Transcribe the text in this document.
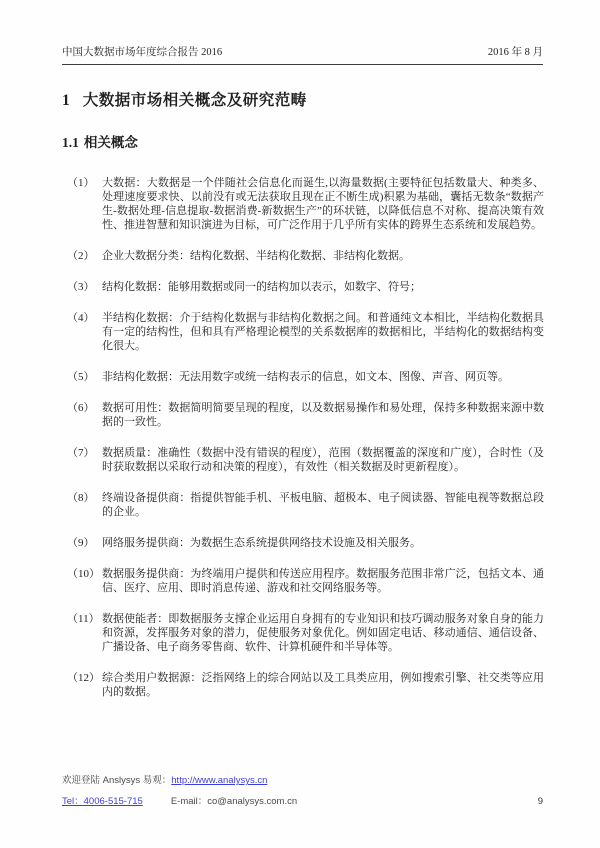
中国大数据市场年度综合报告 2016	2016 年 8 月
1 大数据市场相关概念及研究范畴
1.1 相关概念
（1） 大数据：大数据是一个伴随社会信息化而诞生,以海量数据(主要特征包括数量大、种类多、处理速度要求快、以前没有或无法获取且现在正不断生成)积累为基础，囊括无数条“数据产生-数据处理-信息提取-数据消费-新数据生产”的环状链，以降低信息不对称、提高决策有效性、推进智慧和知识演进为目标，可广泛作用于几乎所有实体的跨界生态系统和发展趋势。
（2） 企业大数据分类：结构化数据、半结构化数据、非结构化数据。
（3） 结构化数据：能够用数据或同一的结构加以表示，如数字、符号；
（4） 半结构化数据：介于结构化数据与非结构化数据之间。和普通纯文本相比，半结构化数据具有一定的结构性，但和具有严格理论模型的关系数据库的数据相比，半结构化的数据结构变化很大。
（5） 非结构化数据：无法用数字或统一结构表示的信息，如文本、图像、声音、网页等。
（6） 数据可用性：数据简明简要呈现的程度，以及数据易操作和易处理，保持多种数据来源中数据的一致性。
（7） 数据质量：准确性（数据中没有错误的程度），范围（数据覆盖的深度和广度），合时性（及时获取数据以采取行动和决策的程度），有效性（相关数据及时更新程度）。
（8） 终端设备提供商：指提供智能手机、平板电脑、超极本、电子阅读器、智能电视等数据总段的企业。
（9） 网络服务提供商：为数据生态系统提供网络技术设施及相关服务。
（10） 数据服务提供商：为终端用户提供和传送应用程序。数据服务范围非常广泛，包括文本、通信、医疗、应用、即时消息传递、游戏和社交网络服务等。
（11） 数据使能者：即数据服务支撑企业运用自身拥有的专业知识和技巧调动服务对象自身的能力和资源，发挥服务对象的潜力，促使服务对象优化。例如固定电话、移动通信、通信设备、广播设备、电子商务零售商、软件、计算机硬件和半导体等。
（12） 综合类用户数据源：泛指网络上的综合网站以及工具类应用，例如搜索引擎、社交类等应用内的数据。
欢迎登陆 Anslysys 易观：http://www.analysys.cn
Tel：4006-515-715	E-mail：co@analysys.com.cn	9
